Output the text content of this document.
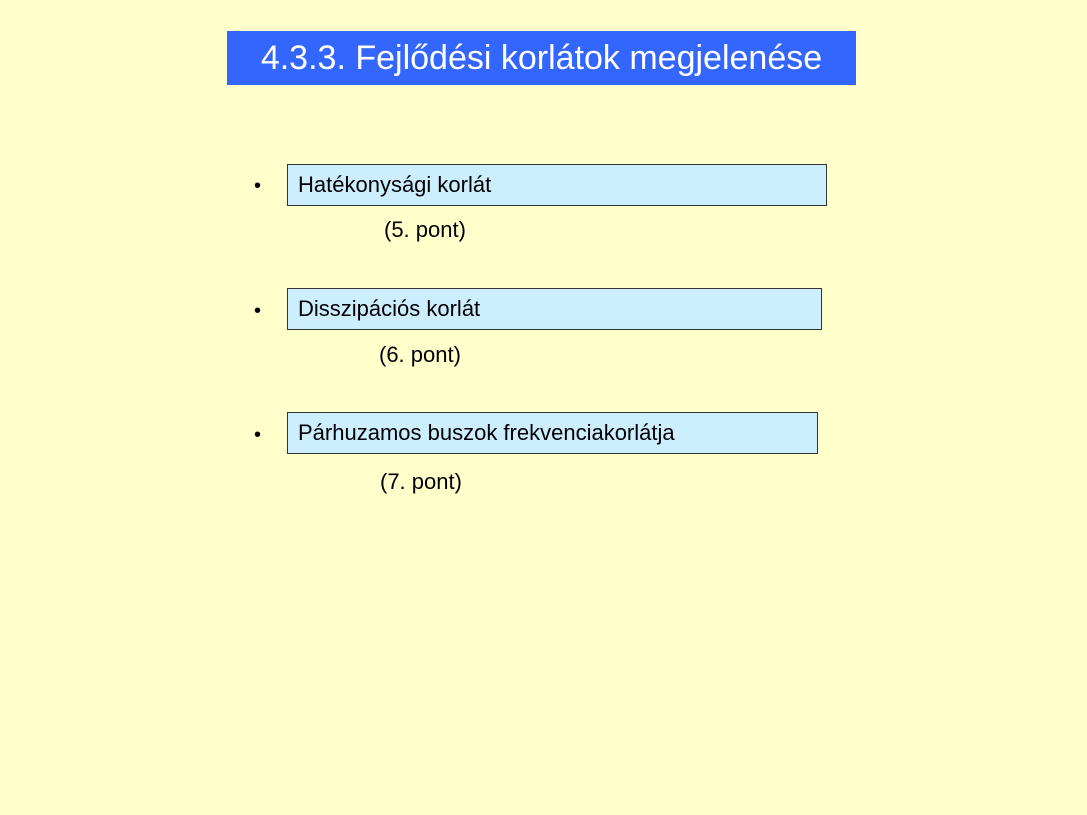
4.3.3. Fejlődési korlátok megjelenése
•	Hatékonysági korlát
(5. pont)
•	Disszipációs korlát
(6. pont)
•	Párhuzamos buszok frekvenciakorlátja
(7. pont)
